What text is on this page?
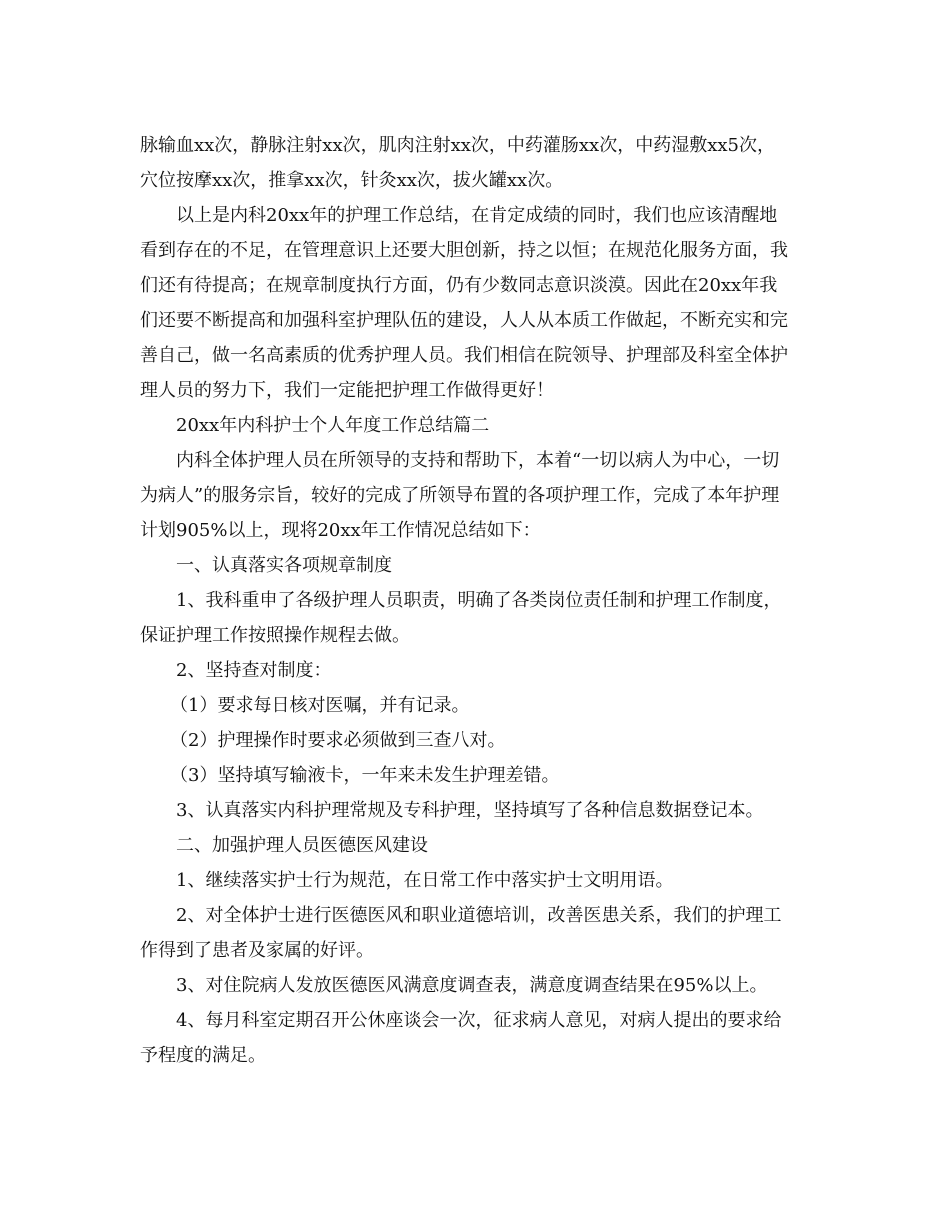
脉输血xx次，静脉注射xx次，肌肉注射xx次，中药灌肠xx次，中药湿敷xx5次，
穴位按摩xx次，推拿xx次，针灸xx次，拔火罐xx次。
以上是内科20xx年的护理工作总结，在肯定成绩的同时，我们也应该清醒地
看到存在的不足，在管理意识上还要大胆创新，持之以恒；在规范化服务方面，我
们还有待提高；在规章制度执行方面，仍有少数同志意识淡漠。因此在20xx年我
们还要不断提高和加强科室护理队伍的建设，人人从本质工作做起，不断充实和完
善自己，做一名高素质的优秀护理人员。我们相信在院领导、护理部及科室全体护
理人员的努力下，我们一定能把护理工作做得更好！
20xx年内科护士个人年度工作总结篇二
内科全体护理人员在所领导的支持和帮助下，本着“一切以病人为中心，一切
为病人”的服务宗旨，较好的完成了所领导布置的各项护理工作，完成了本年护理
计划905%以上，现将20xx年工作情况总结如下：
一、认真落实各项规章制度
1、我科重申了各级护理人员职责，明确了各类岗位责任制和护理工作制度，
保证护理工作按照操作规程去做。
2、坚持查对制度：
（1）要求每日核对医嘱，并有记录。
（2）护理操作时要求必须做到三查八对。
（3）坚持填写输液卡，一年来未发生护理差错。
3、认真落实内科护理常规及专科护理，坚持填写了各种信息数据登记本。
二、加强护理人员医德医风建设
1、继续落实护士行为规范，在日常工作中落实护士文明用语。
2、对全体护士进行医德医风和职业道德培训，改善医患关系，我们的护理工
作得到了患者及家属的好评。
3、对住院病人发放医德医风满意度调查表，满意度调查结果在95%以上。
4、每月科室定期召开公休座谈会一次，征求病人意见，对病人提出的要求给
予程度的满足。
